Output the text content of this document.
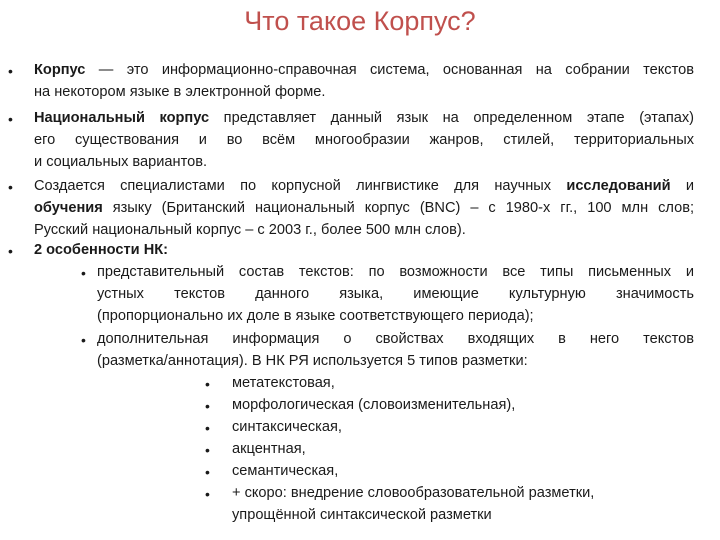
Что такое Корпус?
•
•
•
•
Корпус — это информационно-справочная система, основанная на собрании текстов
на некотором языке в электронной форме.
Национальный корпус представляет данный язык на определенном этапе (этапах)
его существования и во всём многообразии жанров, стилей, территориальных
и социальных вариантов.
Создается специалистами по корпусной лингвистике для научных исследований и
обучения языку (Британский национальный корпус (BNC) – с 1980-х гг., 100 млн слов;
Русский национальный корпус – с 2003 г., более 500 млн слов).
2 особенности НК:
• представительный состав текстов: по возможности все типы письменных и
устных текстов данного языка, имеющие культурную значимость
(пропорционально их доле в языке соответствующего периода);
• дополнительная информация о свойствах входящих в него текстов
(разметка/аннотация). В НК РЯ используется 5 типов разметки:
• метатекстовая,
• морфологическая (словоизменительная),
• синтаксическая,
• акцентная,
• семантическая,
• + скоро: внедрение словообразовательной разметки,
упрощённой синтаксической разметки
